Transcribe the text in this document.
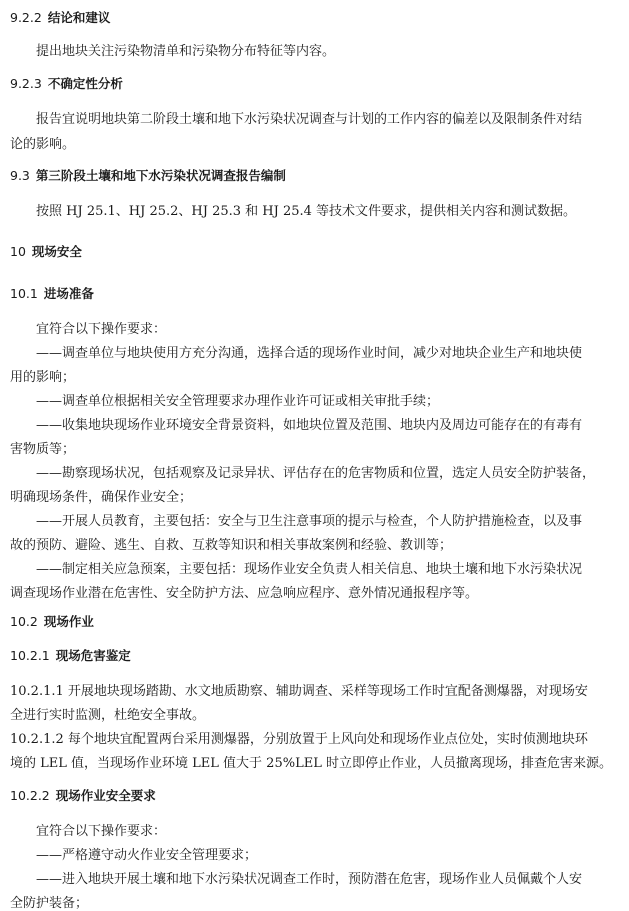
9.2.2 结论和建议
提出地块关注污染物清单和污染物分布特征等内容。
9.2.3 不确定性分析
报告宜说明地块第二阶段土壤和地下水污染状况调查与计划的工作内容的偏差以及限制条件对结
论的影响。
9.3 第三阶段土壤和地下水污染状况调查报告编制
按照 HJ 25.1、HJ 25.2、HJ 25.3 和 HJ 25.4 等技术文件要求，提供相关内容和测试数据。
10 现场安全
10.1 进场准备
宜符合以下操作要求：
——调查单位与地块使用方充分沟通，选择合适的现场作业时间，减少对地块企业生产和地块使
用的影响；
——调查单位根据相关安全管理要求办理作业许可证或相关审批手续；
——收集地块现场作业环境安全背景资料，如地块位置及范围、地块内及周边可能存在的有毒有
害物质等；
——勘察现场状况，包括观察及记录异状、评估存在的危害物质和位置，选定人员安全防护装备，
明确现场条件，确保作业安全；
——开展人员教育，主要包括：安全与卫生注意事项的提示与检查，个人防护措施检查，以及事
故的预防、避险、逃生、自救、互救等知识和相关事故案例和经验、教训等；
——制定相关应急预案，主要包括：现场作业安全负责人相关信息、地块土壤和地下水污染状况
调查现场作业潜在危害性、安全防护方法、应急响应程序、意外情况通报程序等。
10.2 现场作业
10.2.1 现场危害鉴定
10.2.1.1 开展地块现场踏勘、水文地质勘察、辅助调查、采样等现场工作时宜配备测爆器，对现场安
全进行实时监测，杜绝安全事故。
10.2.1.2 每个地块宜配置两台采用测爆器，分别放置于上风向处和现场作业点位处，实时侦测地块环
境的 LEL 值，当现场作业环境 LEL 值大于 25%LEL 时立即停止作业，人员撤离现场，排查危害来源。
10.2.2 现场作业安全要求
宜符合以下操作要求：
——严格遵守动火作业安全管理要求；
——进入地块开展土壤和地下水污染状况调查工作时，预防潜在危害，现场作业人员佩戴个人安
全防护装备；
